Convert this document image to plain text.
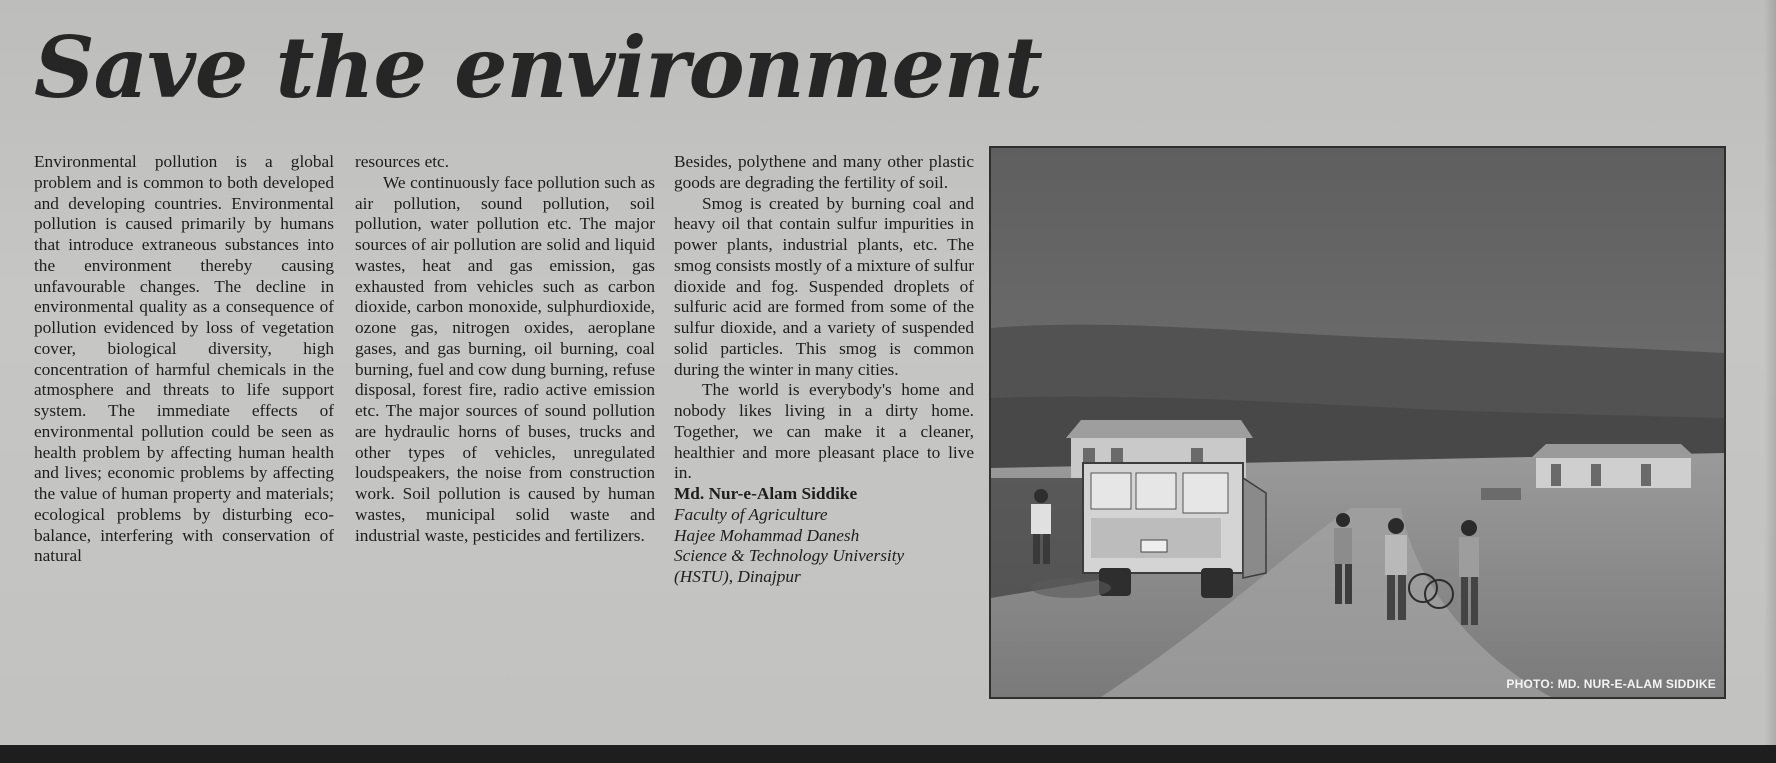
Save the environment

Environmental pollution is a global problem and is common to both developed and developing countries. Environmental pollution is caused primarily by humans that introduce extraneous substances into the environment thereby causing unfavourable changes. The decline in environmental quality as a consequence of pollution evidenced by loss of vegetation cover, biological diversity, high concentration of harmful chemicals in the atmosphere and threats to life support system. The immediate effects of environmental pollution could be seen as health problem by affecting human health and lives; economic problems by affecting the value of human property and materials; ecological problems by disturbing eco-balance, interfering with conservation of natural

resources etc.

We continuously face pollution such as air pollution, sound pollution, soil pollution, water pollution etc. The major sources of air pollution are solid and liquid wastes, heat and gas emission, gas exhausted from vehicles such as carbon dioxide, carbon monoxide, sulphurdioxide, ozone gas, nitrogen oxides, aeroplane gases, and gas burning, oil burning, coal burning, fuel and cow dung burning, refuse disposal, forest fire, radio active emission etc. The major sources of sound pollution are hydraulic horns of buses, trucks and other types of vehicles, unregulated loudspeakers, the noise from construction work. Soil pollution is caused by human wastes, municipal solid waste and industrial waste, pesticides and fertilizers.

Besides, polythene and many other plastic goods are degrading the fertility of soil.

Smog is created by burning coal and heavy oil that contain sulfur impurities in power plants, industrial plants, etc. The smog consists mostly of a mixture of sulfur dioxide and fog. Suspended droplets of sulfuric acid are formed from some of the sulfur dioxide, and a variety of suspended solid particles. This smog is common during the winter in many cities.

The world is everybody's home and nobody likes living in a dirty home. Together, we can make it a cleaner, healthier and more pleasant place to live in.

Md. Nur-e-Alam Siddike

Faculty of Agriculture

Hajee Mohammad Danesh

Science & Technology University

(HSTU), Dinajpur

PHOTO: MD. NUR-E-ALAM SIDDIKE
